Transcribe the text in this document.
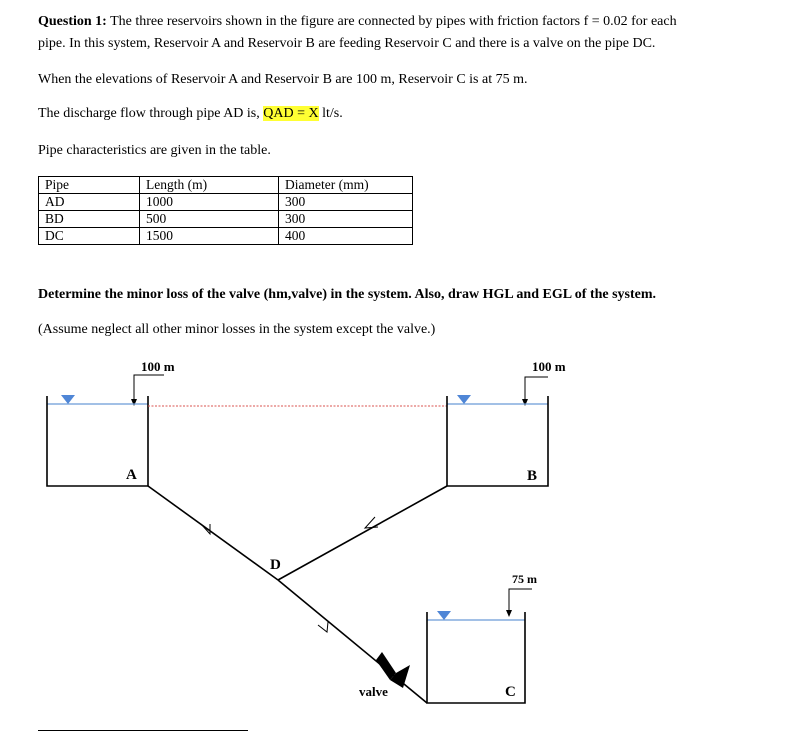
Question 1: The three reservoirs shown in the figure are connected by pipes with friction factors f = 0.02 for each
pipe. In this system, Reservoir A and Reservoir B are feeding Reservoir C and there is a valve on the pipe DC.
When the elevations of Reservoir A and Reservoir B are 100 m, Reservoir C is at 75 m.
The discharge flow through pipe AD is, QAD = X lt/s.
Pipe characteristics are given in the table.
Pipe	Length (m)	Diameter (mm)
AD	1000	300
BD	500	300
DC	1500	400
Determine the minor loss of the valve (hm,valve) in the system. Also, draw HGL and EGL of the system.
(Assume neglect all other minor losses in the system except the valve.)
100 m	100 m
75 m
A	B
C
D
valve
